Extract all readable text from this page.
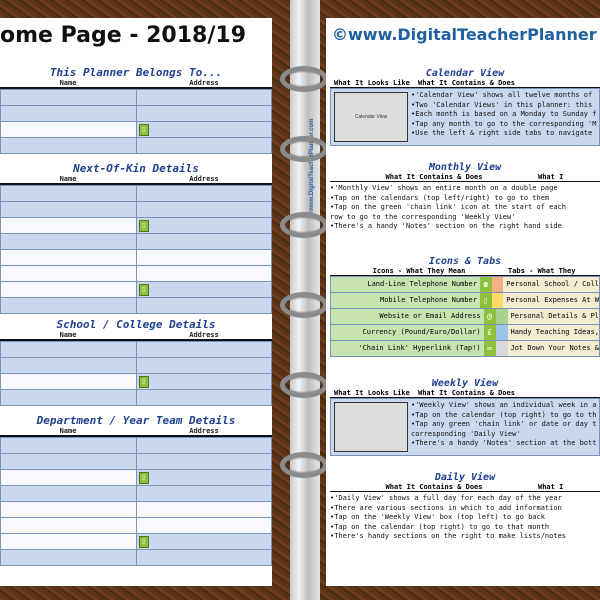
ome Page - 2018/19
This Planner Belongs To...
Name	Address
▯
Next-Of-Kin Details
Name	Address
▯
▯
School / College Details
Name	Address
▯
Department / Year Team Details
Name	Address
▯
▯
©www.DigitalTeacherPlanner.com
©www.DigitalTeacherPlanner
Calendar View
What It Looks Like	What It Contains & Does
Calendar View
•'Calendar View' shows all twelve months of
•Two 'Calendar Views' in this planner: this
•Each month is based on a Monday to Sunday f
•Tap any month to go to the corresponding 'M
•Use the left & right side tabs to navigate
Monthly View
What It Contains & Does	What I
•'Monthly View' shows an entire month on a double page
•Tap on the calendars (top left/right) to go to them
•Tap on the green 'chain link' icon at the start of each
row to go to the corresponding 'Weekly View'
•There's a handy 'Notes' section on the right hand side
Icons & Tabs
Icons - What They Mean	Tabs - What They
Land-Line Telephone Number ☎	Personal School / Coll
Mobile Telephone Number ▯	Personal Expenses At W
Website or Email Address @	Personal Details & Pl
Currency (Pound/Euro/Dollar) £	Handy Teaching Ideas,
'Chain Link' Hyperlink (Tap!) ∞	Jot Down Your Notes &
Weekly View
What It Looks Like	What It Contains & Does
•'Weekly View' shows an individual week in a
•Tap on the calendar (top right) to go to th
•Tap any green 'chain link' or date or day t
corresponding 'Daily View'
•There's a handy 'Notes' section at the bott
Daily View
What It Contains & Does	What I
•'Daily View' shows a full day for each day of the year
•There are various sections in which to add information
•Tap on the 'Weekly View' box (top left) to go back
•Tap on the calendar (top right) to go to that month
•There's handy sections on the right to make lists/notes
